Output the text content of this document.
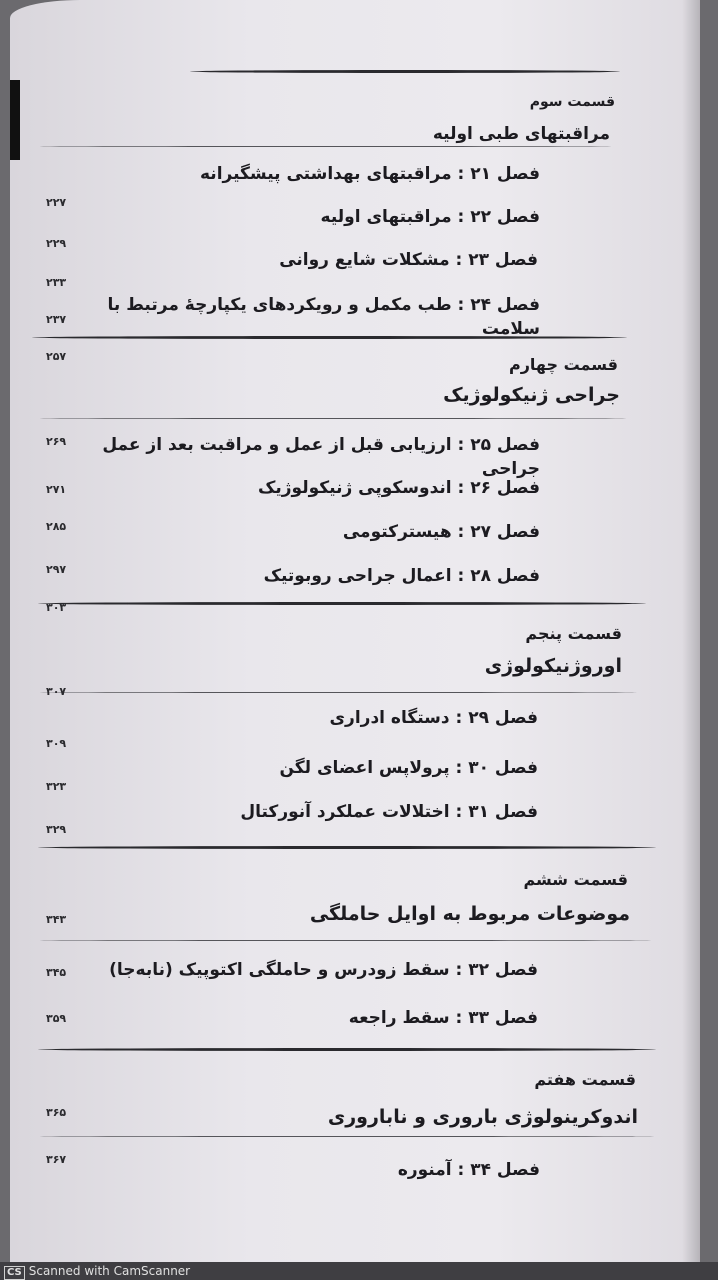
قسمت سوم
مراقبتهای طبی اولیه
فصل ۲۱ : مراقبتهای بهداشتی پیشگیرانه
فصل ۲۲ : مراقبتهای اولیه
فصل ۲۳ : مشکلات شایع روانی
فصل ۲۴ : طب مکمل و رویکردهای یکپارچهٔ مرتبط با سلامت
قسمت چهارم
جراحی ژنیکولوژیک
فصل ۲۵ : ارزیابی قبل از عمل و مراقبت بعد از عمل جراحی
فصل ۲۶ : اندوسکوپی ژنیکولوژیک
فصل ۲۷ : هیسترکتومی
فصل ۲۸ : اعمال جراحی روبوتیک
قسمت پنجم
اوروژنیکولوژی
فصل ۲۹ : دستگاه ادراری
فصل ۳۰ : پرولاپس اعضای لگن
فصل ۳۱ : اختلالات عملکرد آنورکتال
قسمت ششم
موضوعات مربوط به اوایل حاملگی
فصل ۳۲ : سقط زودرس و حاملگی اکتوپیک (نابه‌جا)
فصل ۳۳ : سقط راجعه
قسمت هفتم
اندوکرینولوژی باروری و ناباروری
فصل ۳۴ : آمنوره
۲۲۷
۲۲۹
۲۳۳
۲۳۷
۲۵۷
۲۶۹
۲۷۱
۲۸۵
۲۹۷
۳۰۳
۳۰۷
۳۰۹
۳۲۳
۳۲۹
۳۴۳
۳۴۵
۳۵۹
۳۶۵
۳۶۷
CS Scanned with CamScanner
